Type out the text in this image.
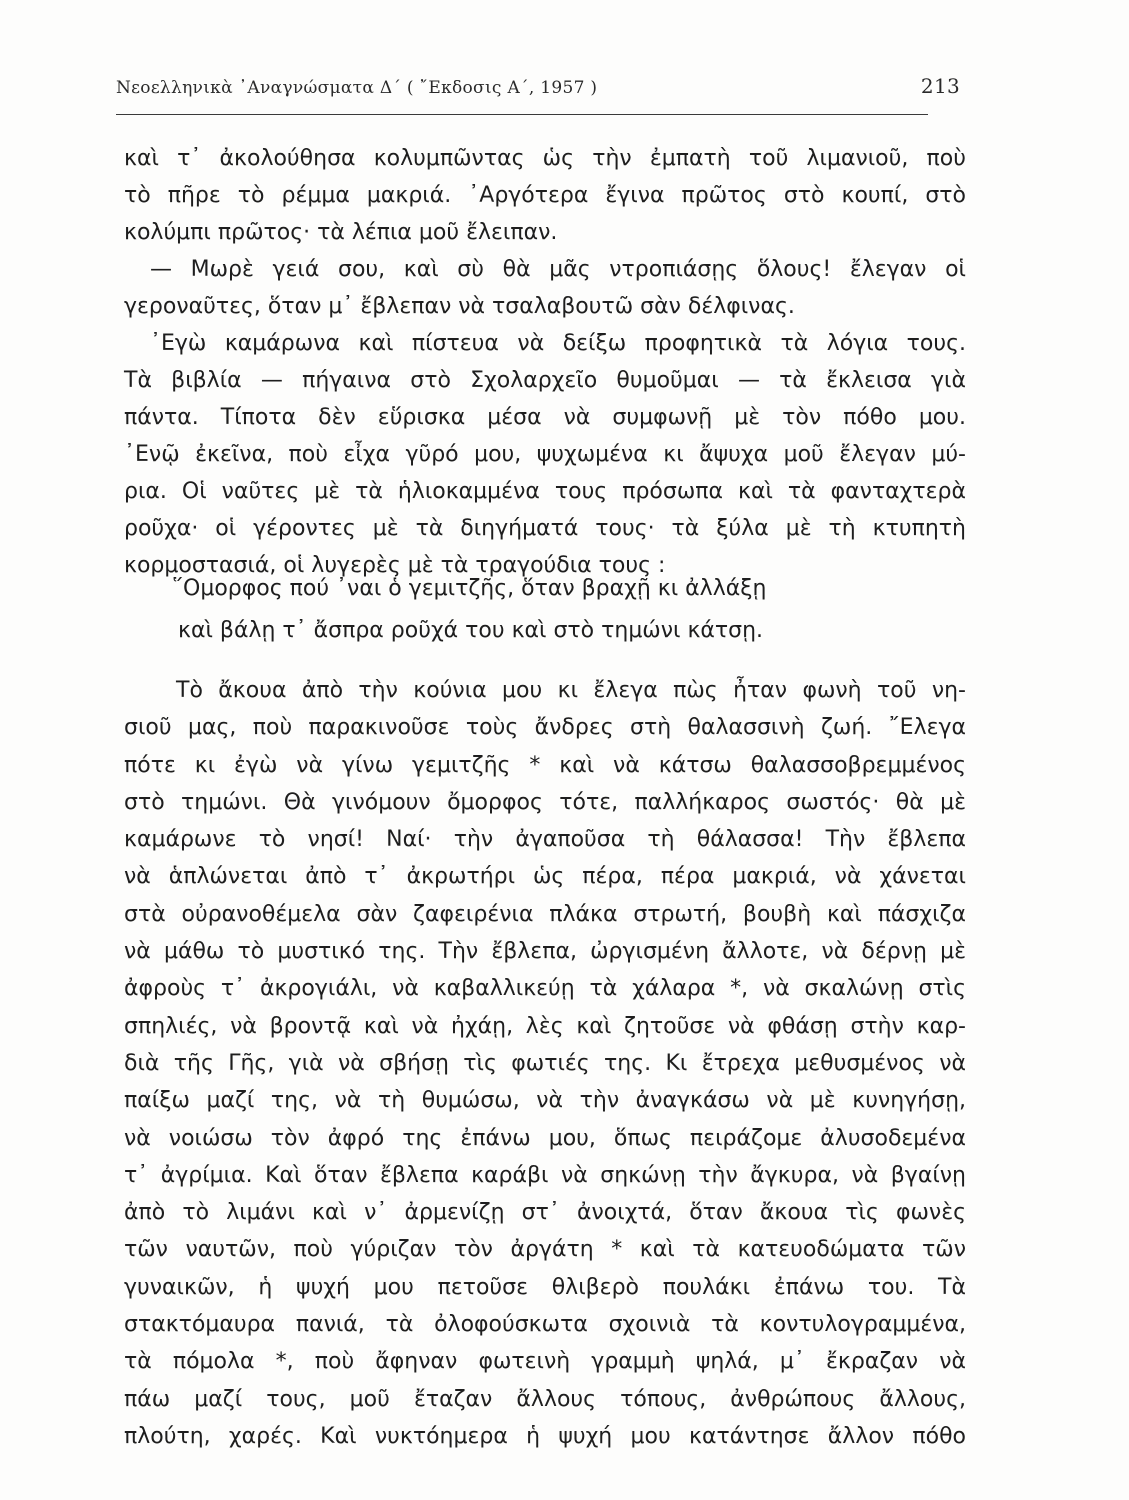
Νεοελληνικὰ ᾿Αναγνώσματα Δ΄ ( ῎Εκδοσις Α΄, 1957 )	213
καὶ τ᾿ ἀκολούθησα κολυμπῶντας ὡς τὴν ἐμπατὴ τοῦ λιμανιοῦ, ποὺ
τὸ πῆρε τὸ ρέμμα μακριά. ᾿Αργότερα ἔγινα πρῶτος στὸ κουπί, στὸ
κολύμπι πρῶτος· τὰ λέπια μοῦ ἔλειπαν.
— Μωρὲ γειά σου, καὶ σὺ θὰ μᾶς ντροπιάσῃς ὅλους! ἔλεγαν οἱ
γεροναῦτες, ὅταν μ᾿ ἔβλεπαν νὰ τσαλαβουτῶ σὰν δέλφινας.
᾿Εγὼ καμάρωνα καὶ πίστευα νὰ δείξω προφητικὰ τὰ λόγια τους.
Τὰ βιβλία — πήγαινα στὸ Σχολαρχεῖο θυμοῦμαι — τὰ ἔκλεισα γιὰ
πάντα. Τίποτα δὲν εὕρισκα μέσα νὰ συμφωνῇ μὲ τὸν πόθο μου.
᾿Ενῷ ἐκεῖνα, ποὺ εἶχα γῦρό μου, ψυχωμένα κι ἄψυχα μοῦ ἔλεγαν μύ-
ρια. Οἱ ναῦτες μὲ τὰ ἡλιοκαμμένα τους πρόσωπα καὶ τὰ φανταχτερὰ
ροῦχα· οἱ γέροντες μὲ τὰ διηγήματά τους· τὰ ξύλα μὲ τὴ κτυπητὴ
κορμοστασιά, οἱ λυγερὲς μὲ τὰ τραγούδια τους :
῞Ομορφος πού ᾿ναι ὁ γεμιτζῆς, ὅταν βραχῇ κι ἀλλάξῃ
καὶ βάλῃ τ᾿ ἄσπρα ροῦχά του καὶ στὸ τημώνι κάτσῃ.
Τὸ ἄκουα ἀπὸ τὴν κούνια μου κι ἔλεγα πὼς ἦταν φωνὴ τοῦ νη-
σιοῦ μας, ποὺ παρακινοῦσε τοὺς ἄνδρες στὴ θαλασσινὴ ζωή. ῎Ελεγα
πότε κι ἐγὼ νὰ γίνω γεμιτζῆς * καὶ νὰ κάτσω θαλασσοβρεμμένος
στὸ τημώνι. Θὰ γινόμουν ὄμορφος τότε, παλλήκαρος σωστός· θὰ μὲ
καμάρωνε τὸ νησί! Ναί· τὴν ἀγαποῦσα τὴ θάλασσα! Τὴν ἔβλεπα
νὰ ἁπλώνεται ἀπὸ τ᾿ ἀκρωτήρι ὡς πέρα, πέρα μακριά, νὰ χάνεται
στὰ οὐρανοθέμελα σὰν ζαφειρένια πλάκα στρωτή, βουβὴ καὶ πάσχιζα
νὰ μάθω τὸ μυστικό της. Τὴν ἔβλεπα, ὠργισμένη ἄλλοτε, νὰ δέρνῃ μὲ
ἀφροὺς τ᾿ ἀκρογιάλι, νὰ καβαλλικεύῃ τὰ χάλαρα *, νὰ σκαλώνῃ στὶς
σπηλιές, νὰ βροντᾷ καὶ νὰ ἠχάῃ, λὲς καὶ ζητοῦσε νὰ φθάσῃ στὴν καρ-
διὰ τῆς Γῆς, γιὰ νὰ σβήσῃ τὶς φωτιές της. Κι ἔτρεχα μεθυσμένος νὰ
παίξω μαζί της, νὰ τὴ θυμώσω, νὰ τὴν ἀναγκάσω νὰ μὲ κυνηγήσῃ,
νὰ νοιώσω τὸν ἀφρό της ἐπάνω μου, ὅπως πειράζομε ἀλυσοδεμένα
τ᾿ ἀγρίμια. Καὶ ὅταν ἔβλεπα καράβι νὰ σηκώνῃ τὴν ἄγκυρα, νὰ βγαίνῃ
ἀπὸ τὸ λιμάνι καὶ ν᾿ ἀρμενίζῃ στ᾿ ἀνοιχτά, ὅταν ἄκουα τὶς φωνὲς
τῶν ναυτῶν, ποὺ γύριζαν τὸν ἀργάτη * καὶ τὰ κατευοδώματα τῶν
γυναικῶν, ἡ ψυχή μου πετοῦσε θλιβερὸ πουλάκι ἐπάνω του. Τὰ
στακτόμαυρα πανιά, τὰ ὀλοφούσκωτα σχοινιὰ τὰ κοντυλογραμμένα,
τὰ πόμολα *, ποὺ ἄφηναν φωτεινὴ γραμμὴ ψηλά, μ᾿ ἔκραζαν νὰ
πάω μαζί τους, μοῦ ἔταζαν ἄλλους τόπους, ἀνθρώπους ἄλλους,
πλούτη, χαρές. Καὶ νυκτόημερα ἡ ψυχή μου κατάντησε ἄλλον πόθο
